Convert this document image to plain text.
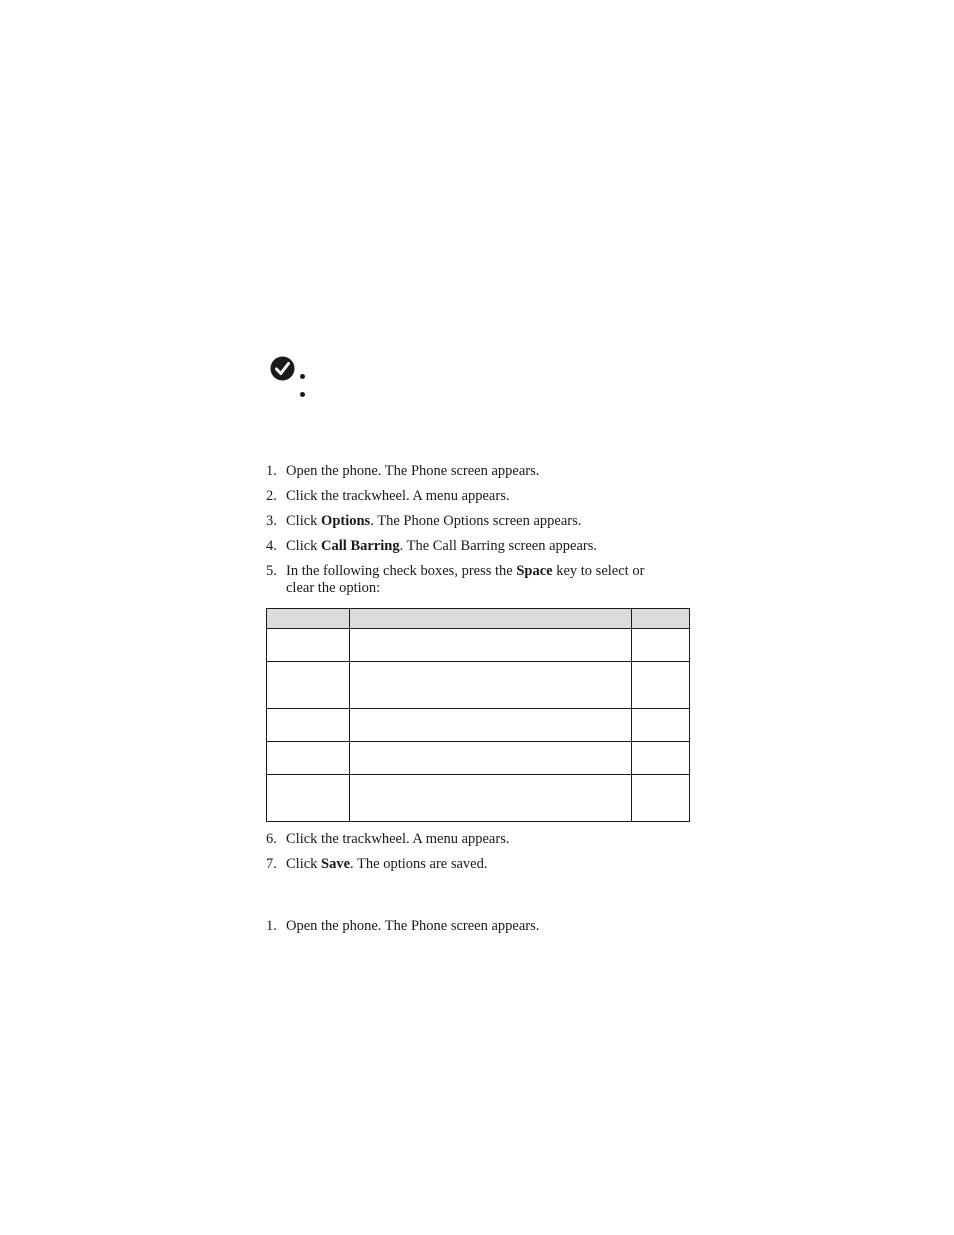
1. Open the phone. The Phone screen appears.
2. Click the trackwheel. A menu appears.
3. Click Options. The Phone Options screen appears.
4. Click Call Barring. The Call Barring screen appears.
5. In the following check boxes, press the Space key to select or clear the option:

6. Click the trackwheel. A menu appears.
7. Click Save. The options are saved.
1. Open the phone. The Phone screen appears.
